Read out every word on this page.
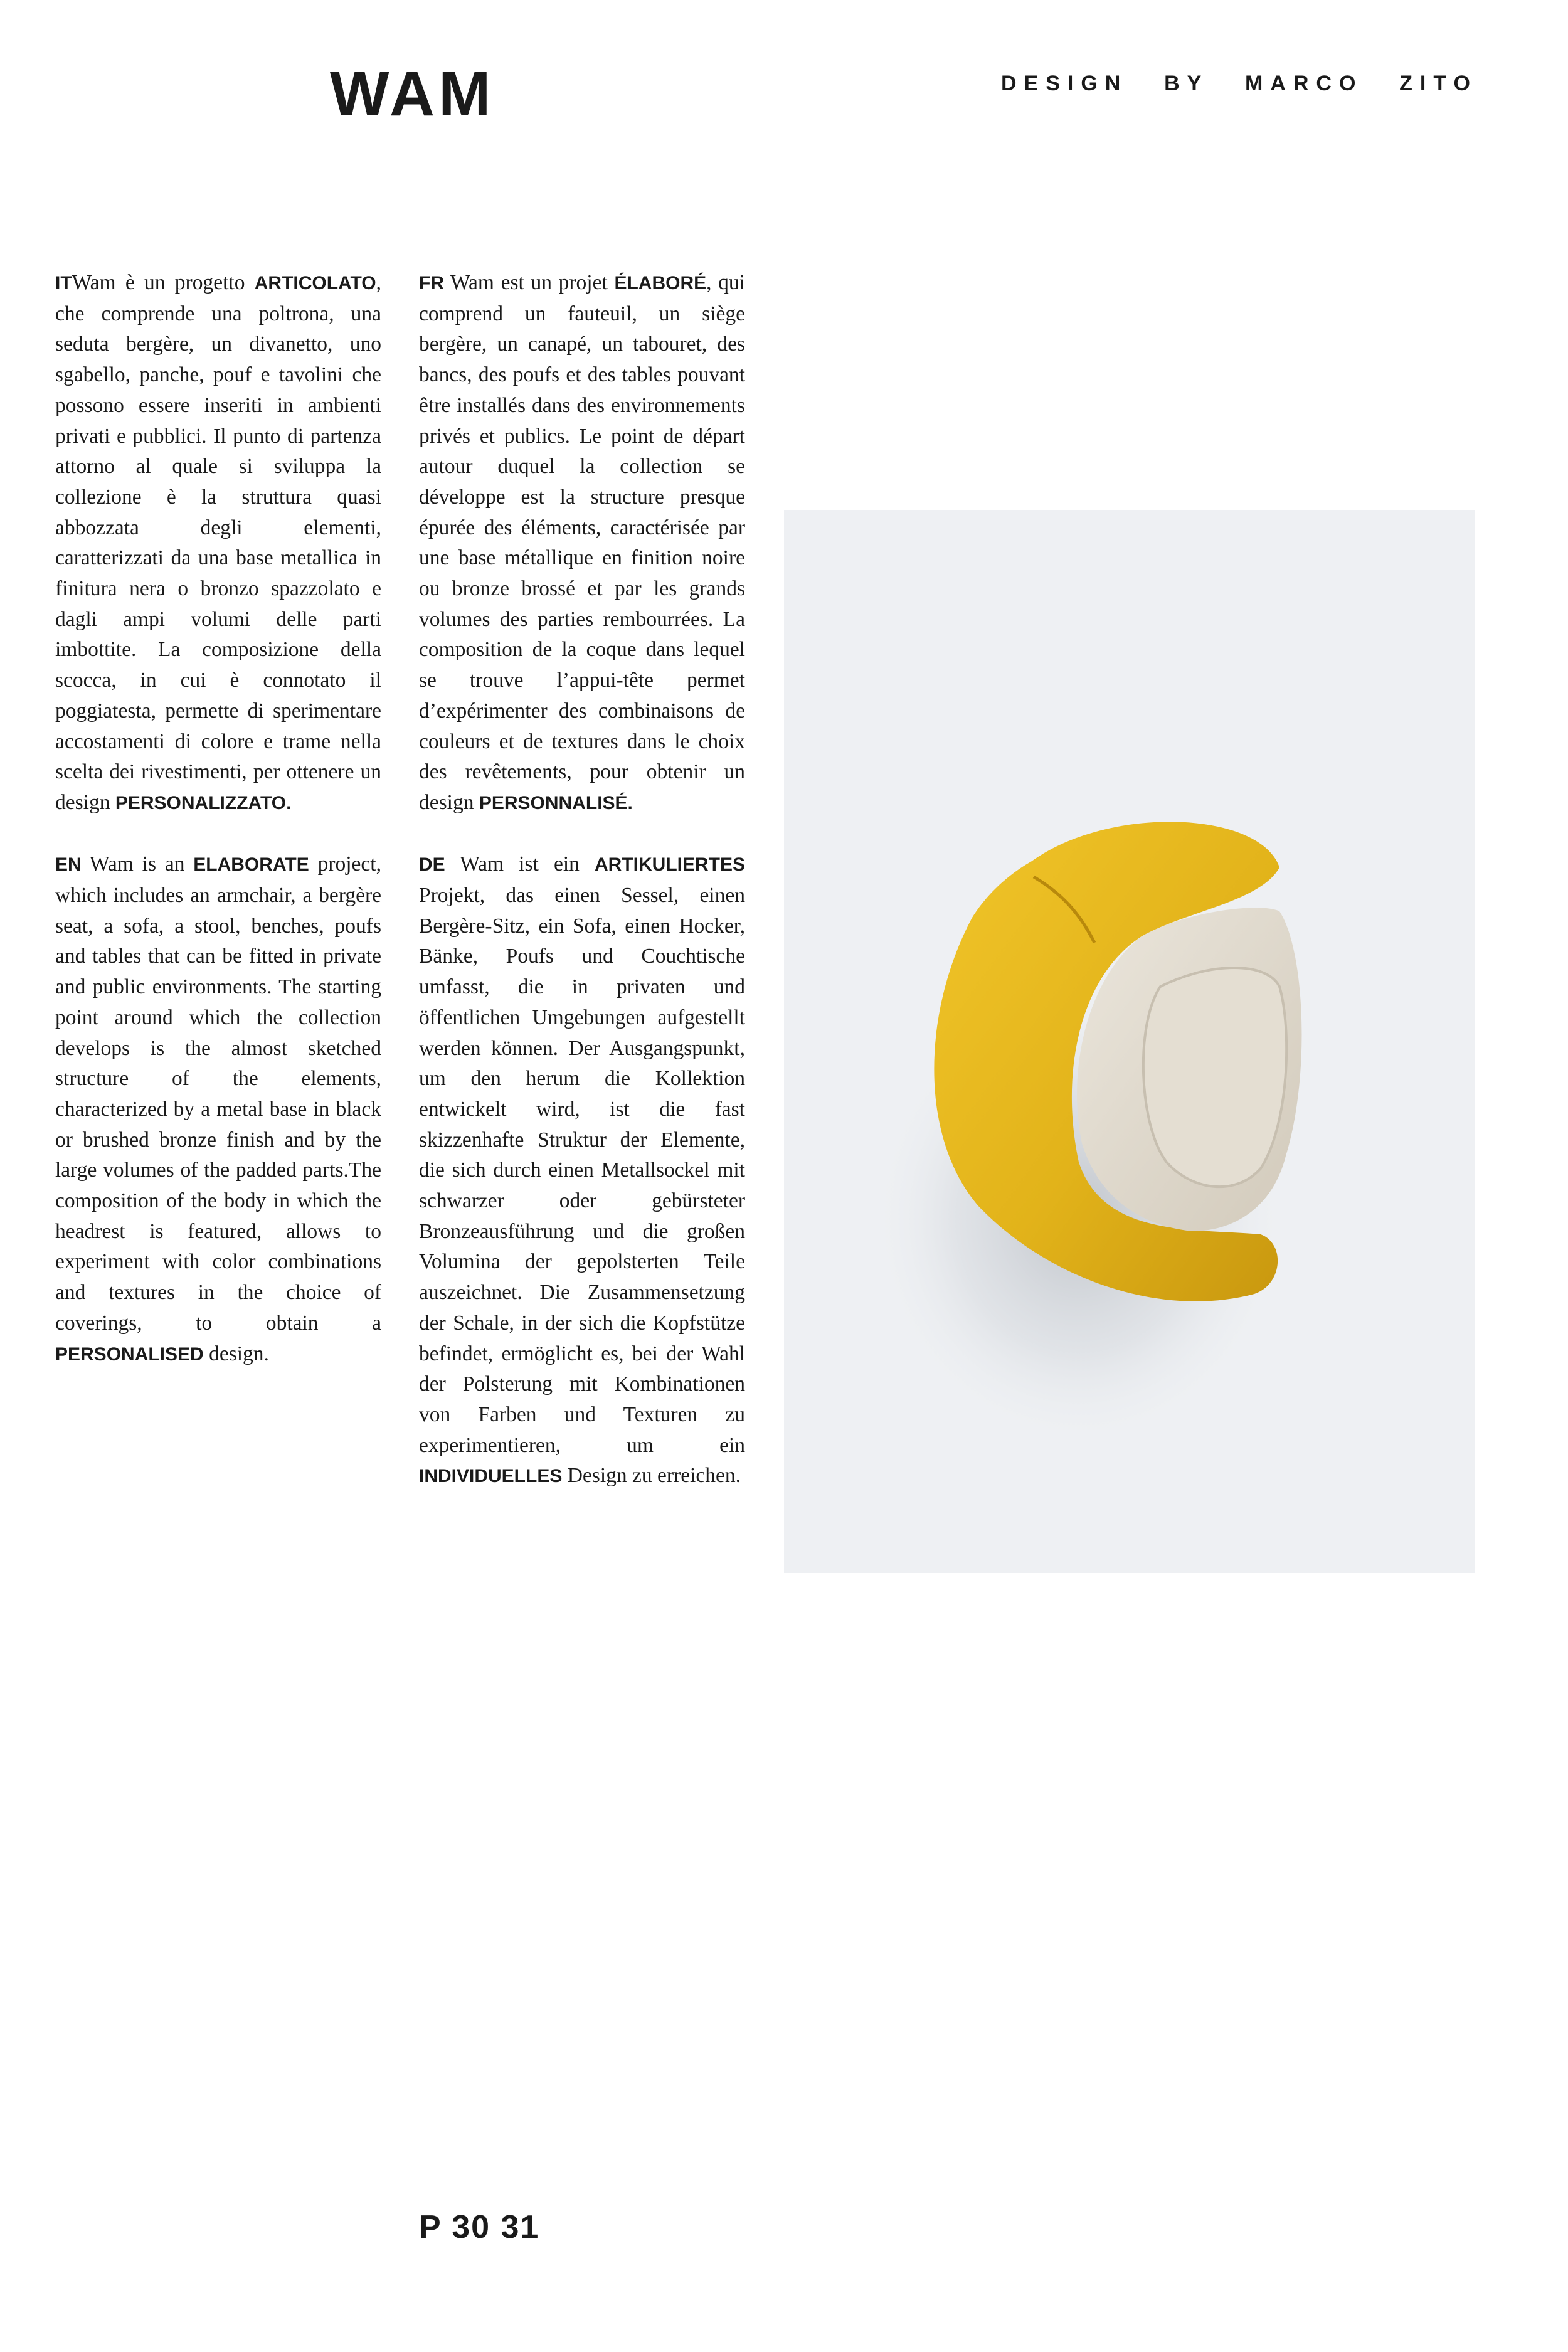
WAM	DESIGN BY MARCO ZITO

ITWam è un progetto ARTICOLATO, che comprende una poltrona, una seduta bergère, un divanetto, uno sgabello, panche, pouf e tavolini che possono essere inseriti in ambienti privati e pubblici. Il punto di partenza attorno al quale si sviluppa la collezione è la struttura quasi abbozzata degli elementi, caratterizzati da una base metallica in finitura nera o bronzo spazzolato e dagli ampi volumi delle parti imbottite. La composizione della scocca, in cui è connotato il poggiatesta, permette di sperimentare accostamenti di colore e trame nella scelta dei rivestimenti, per ottenere un design PERSONALIZZATO.

EN Wam is an ELABORATE project, which includes an armchair, a bergère seat, a sofa, a stool, benches, poufs and tables that can be fitted in private and public environments. The starting point around which the collection develops is the almost sketched structure of the elements, characterized by a metal base in black or brushed bronze finish and by the large volumes of the padded parts.The composition of the body in which the headrest is featured, allows to experiment with color combinations and textures in the choice of coverings, to obtain a PERSONALISED design.

FR Wam est un projet ÉLABORÉ, qui comprend un fauteuil, un siège bergère, un canapé, un tabouret, des bancs, des poufs et des tables pouvant être installés dans des environnements privés et publics. Le point de départ autour duquel la collection se développe est la structure presque épurée des éléments, caractérisée par une base métallique en finition noire ou bronze brossé et par les grands volumes des parties rembourrées. La composition de la coque dans lequel se trouve l’appui-tête permet d’expérimenter des combinaisons de couleurs et de textures dans le choix des revêtements, pour obtenir un design PERSONNALISÉ.

DE Wam ist ein ARTIKULIERTES Projekt, das einen Sessel, einen Bergère-Sitz, ein Sofa, einen Hocker, Bänke, Poufs und Couchtische umfasst, die in privaten und öffentlichen Umgebungen aufgestellt werden können. Der Ausgangspunkt, um den herum die Kollektion entwickelt wird, ist die fast skizzenhafte Struktur der Elemente, die sich durch einen Metallsockel mit schwarzer oder gebürsteter Bronzeausführung und die großen Volumina der gepolsterten Teile auszeichnet. Die Zusammensetzung der Schale, in der sich die Kopfstütze befindet, ermöglicht es, bei der Wahl der Polsterung mit Kombinationen von Farben und Texturen zu experimentieren, um ein INDIVIDUELLES Design zu erreichen.

P 30 31
